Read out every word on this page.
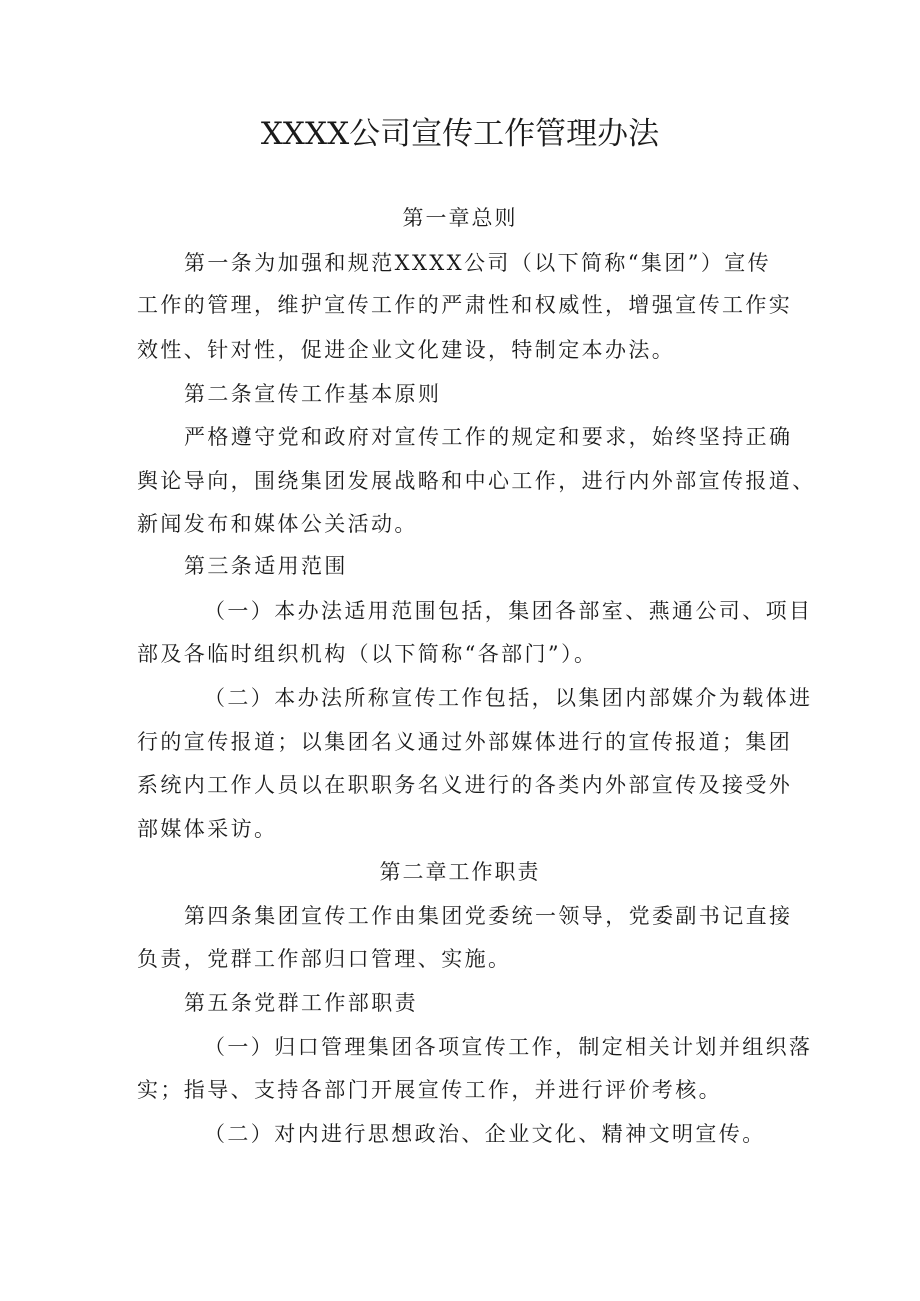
XXXX公司宣传工作管理办法

第一章总则

第一条为加强和规范XXXX公司（以下简称“集团”）宣传

工作的管理，维护宣传工作的严肃性和权威性，增强宣传工作实

效性、针对性，促进企业文化建设，特制定本办法。

第二条宣传工作基本原则

严格遵守党和政府对宣传工作的规定和要求，始终坚持正确

舆论导向，围绕集团发展战略和中心工作，进行内外部宣传报道、

新闻发布和媒体公关活动。

第三条适用范围

（一）本办法适用范围包括，集团各部室、燕通公司、项目

部及各临时组织机构（以下简称“各部门”）。

（二）本办法所称宣传工作包括，以集团内部媒介为载体进

行的宣传报道；以集团名义通过外部媒体进行的宣传报道；集团

系统内工作人员以在职职务名义进行的各类内外部宣传及接受外

部媒体采访。

第二章工作职责

第四条集团宣传工作由集团党委统一领导，党委副书记直接

负责，党群工作部归口管理、实施。

第五条党群工作部职责

（一）归口管理集团各项宣传工作，制定相关计划并组织落

实；指导、支持各部门开展宣传工作，并进行评价考核。

（二）对内进行思想政治、企业文化、精神文明宣传。
